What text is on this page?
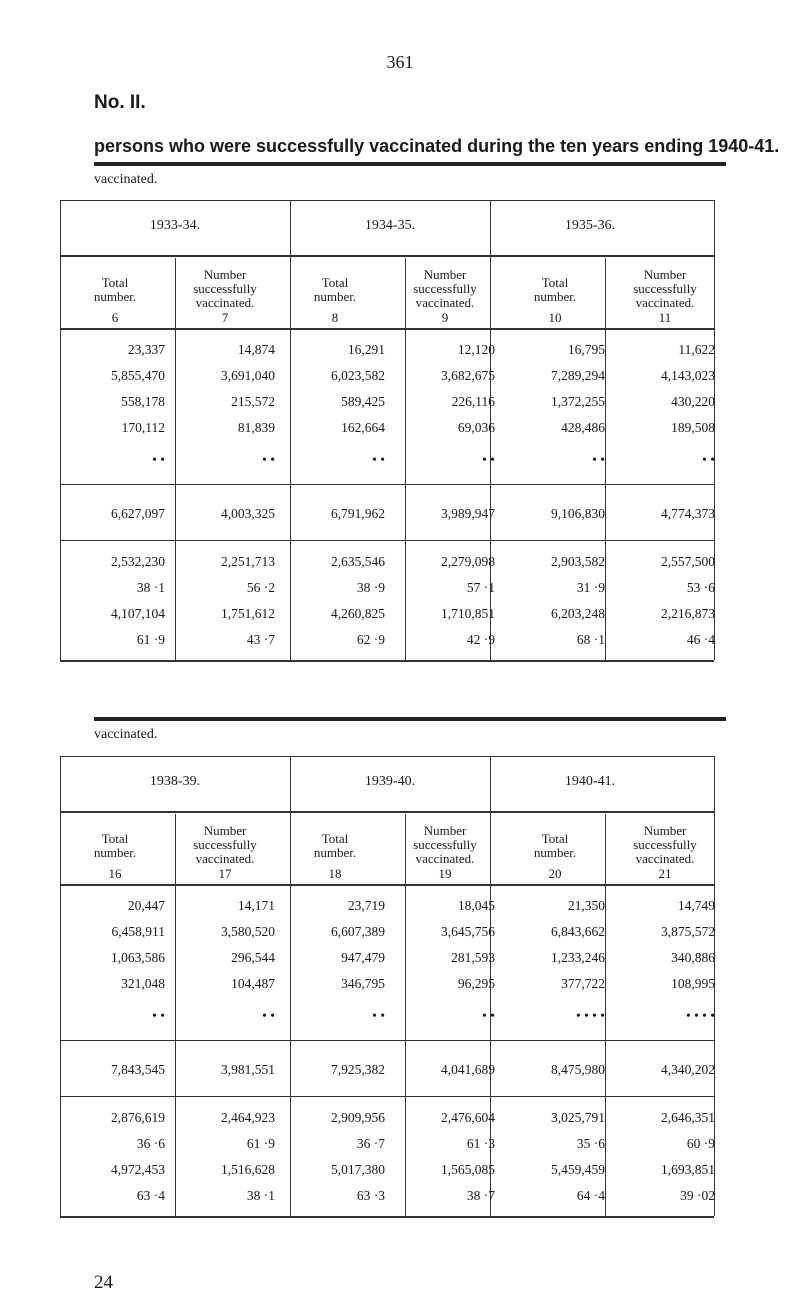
361
No. II.
persons who were successfully vaccinated during the ten years ending 1940-41.
vaccinated.
1933-34.	1934-35.	1935-36.
Total
number.
6
Number
successfully
vaccinated.
7
Total
number.
8
Number
successfully
vaccinated.
9
Total
number.
10
Number
successfully
vaccinated.
11
23,337	14,874	16,291	12,120	16,795	11,622
5,855,470	3,691,040	6,023,582	3,682,675	7,289,294	4,143,023
558,178	215,572	589,425	226,116	1,372,255	430,220
170,112	81,839	162,664	69,036	428,486	189,508
• •	• •	• •	• •	• •	• •
6,627,097	4,003,325	6,791,962	3,989,947	9,106,830	4,774,373
2,532,230	2,251,713	2,635,546	2,279,098	2,903,582	2,557,500
38 ·1	56 ·2	38 ·9	57 ·1	31 ·9	53 ·6
4,107,104	1,751,612	4,260,825	1,710,851	6,203,248	2,216,873
61 ·9	43 ·7	62 ·9	42 ·9	68 ·1	46 ·4
vaccinated.
1938-39.	1939-40.	1940-41.
Total
number.
16
Number
successfully
vaccinated.
17
Total
number.
18
Number
successfully
vaccinated.
19
Total
number.
20
Number
successfully
vaccinated.
21
20,447	14,171	23,719	18,045	21,350	14,749
6,458,911	3,580,520	6,607,389	3,645,756	6,843,662	3,875,572
1,063,586	296,544	947,479	281,593	1,233,246	340,886
321,048	104,487	346,795	96,295	377,722	108,995
• •	• •	• •	• •	• • • •	• • • •
7,843,545	3,981,551	7,925,382	4,041,689	8,475,980	4,340,202
2,876,619	2,464,923	2,909,956	2,476,604	3,025,791	2,646,351
36 ·6	61 ·9	36 ·7	61 ·3	35 ·6	60 ·9
4,972,453	1,516,628	5,017,380	1,565,085	5,459,459	1,693,851
63 ·4	38 ·1	63 ·3	38 ·7	64 ·4	39 ·02
24
